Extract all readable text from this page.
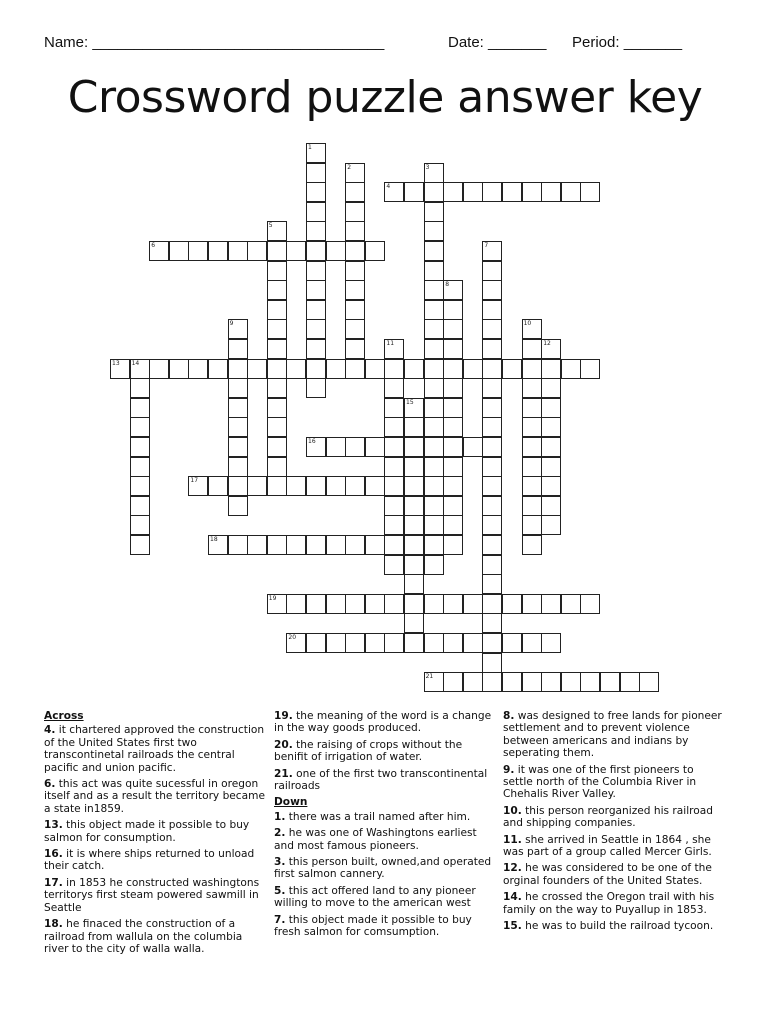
Name: ___________________________________	Date: _______ Period: _______
Crossword puzzle answer key
1
2	3
4
5
6	7
8
9	10
11	12
13 14
15
16
17
18
19
20
21
Across
4. it chartered approved the construction of the United States first two transcontinetal railroads the central pacific and union pacific.
6. this act was quite sucessful in oregon itself and as a result the territory became a state in1859.
13. this object made it possible to buy salmon for consumption.
16. it is where ships returned to unload their catch.
17. in 1853 he constructed washingtons territorys first steam powered sawmill in Seattle
18. he finaced the construction of a railroad from wallula on the columbia river to the city of walla walla.
19. the meaning of the word is a change in the way goods produced.
20. the raising of crops without the benifit of irrigation of water.
21. one of the first two transcontinental railroads
Down
1. there was a trail named after him.
2. he was one of Washingtons earliest and most famous pioneers.
3. this person built, owned,and operated first salmon cannery.
5. this act offered land to any pioneer willing to move to the american west
7. this object made it possible to buy fresh salmon for comsumption.
8. was designed to free lands for pioneer settlement and to prevent violence between americans and indians by seperating them.
9. it was one of the first pioneers to settle north of the Columbia River in Chehalis River Valley.
10. this person reorganized his railroad and shipping companies.
11. she arrived in Seattle in 1864 , she was part of a group called Mercer Girls.
12. he was considered to be one of the orginal founders of the United States.
14. he crossed the Oregon trail with his family on the way to Puyallup in 1853.
15. he was to build the railroad tycoon.
